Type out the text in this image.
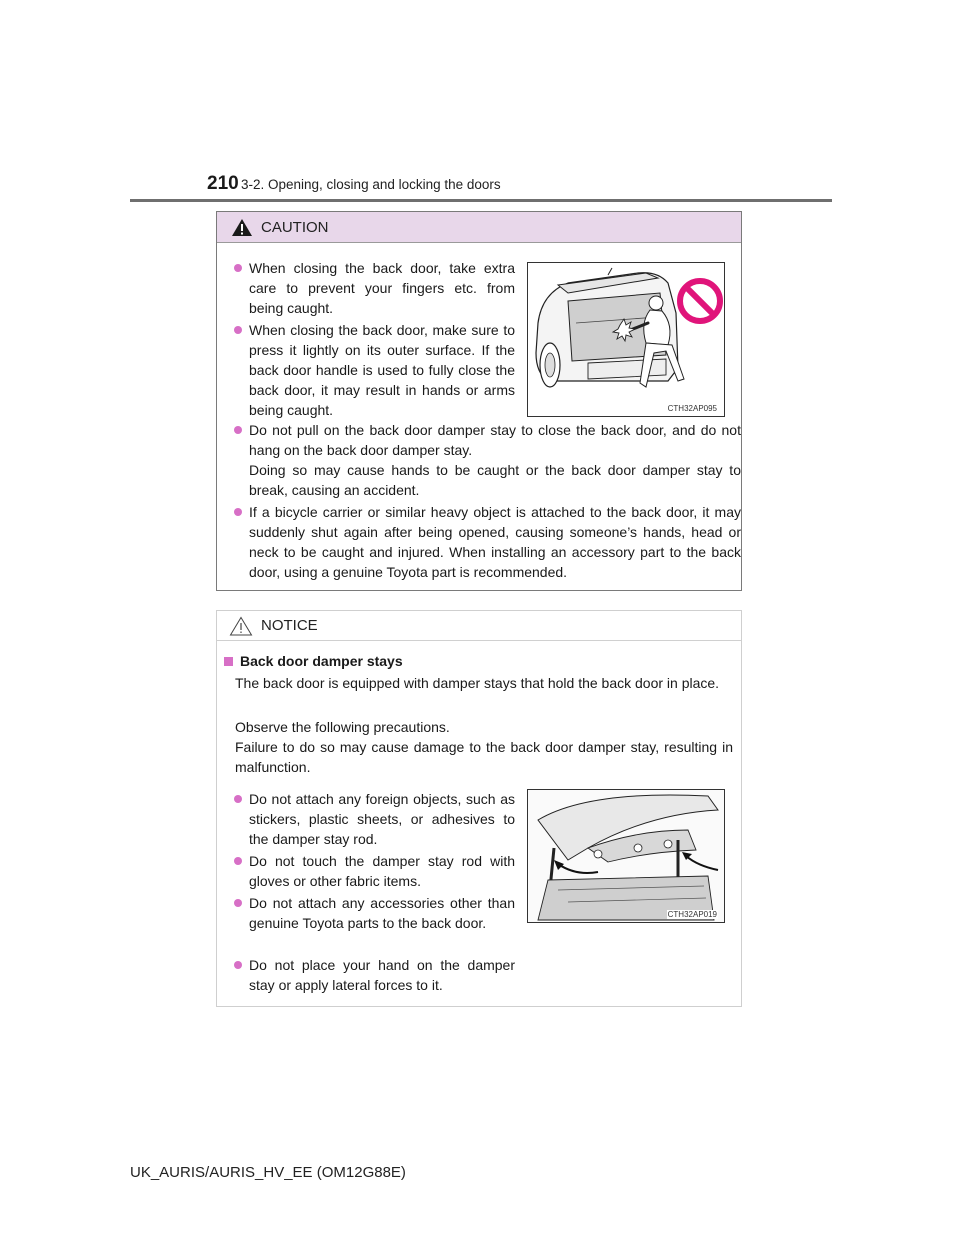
210 3-2. Opening, closing and locking the doors
CAUTION

When closing the back door, take extra care to prevent your fingers etc. from being caught.

When closing the back door, make sure to press it lightly on its outer surface. If the back door handle is used to fully close the back door, it may result in hands or arms being caught.	CTH32AP095

Do not pull on the back door damper stay to close the back door, and do not hang on the back door damper stay.

Doing so may cause hands to be caught or the back door damper stay to break, causing an accident.

If a bicycle carrier or similar heavy object is attached to the back door, it may suddenly shut again after being opened, causing someone’s hands, head or neck to be caught and injured. When installing an accessory part to the back door, using a genuine Toyota part is recommended.

NOTICE
Back door damper stays

The back door is equipped with damper stays that hold the back door in place.

Observe the following precautions.

Failure to do so may cause damage to the back door damper stay, resulting in malfunction.

Do not attach any foreign objects, such as stickers, plastic sheets, or adhesives to the damper stay rod.

Do not touch the damper stay rod with gloves or other fabric items.

Do not attach any accessories other than genuine Toyota parts to the back door.

Do not place your hand on the damper stay or apply lateral forces to it.

CTH32AP019
UK_AURIS/AURIS_HV_EE (OM12G88E)
